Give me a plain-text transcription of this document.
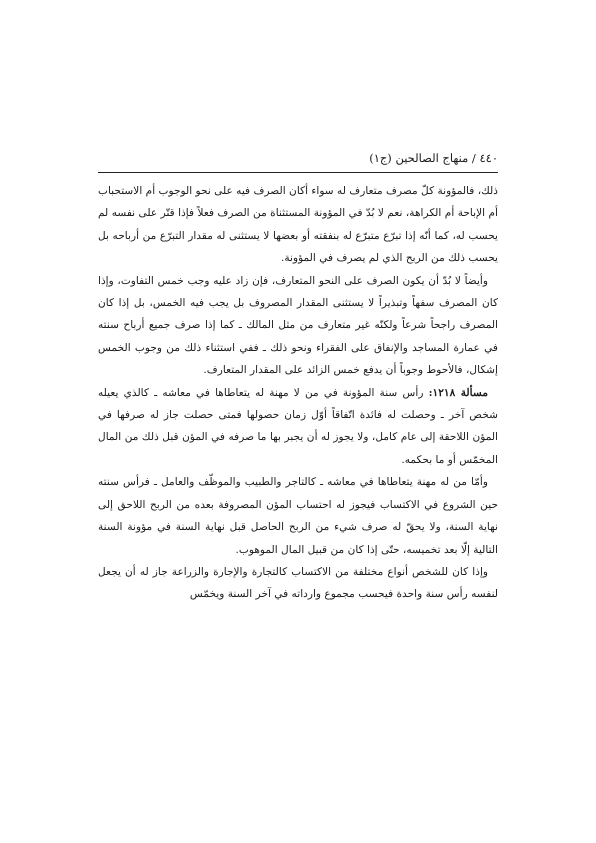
٤٤٠ / منهاج الصالحين (ج١)

ذلك، فالمؤونة كلّ مصرف متعارف له سواء أكان الصرف فيه على نحو الوجوب أم الاستحباب أم الإباحة أم الكراهة، نعم لا بُدّ في المؤونة المستثناة من الصرف فعلاً فإذا قتّر على نفسه لم يحسب له، كما أنّه إذا تبرّع متبرّع له بنفقته أو بعضها لا يستثنى له مقدار التبرّع من أرباحه بل يحسب ذلك من الربح الذي لم يصرف في المؤونة.

وأيضاً لا بُدّ أن يكون الصرف على النحو المتعارف، فإن زاد عليه وجب خمس التفاوت، وإذا كان المصرف سفهاً وتبذيراً لا يستثنى المقدار المصروف بل يجب فيه الخمس، بل إذا كان المصرف راجحاً شرعاً ولكنّه غير متعارف من مثل المالك ـ كما إذا صرف جميع أرباح سنته في عمارة المساجد والإنفاق على الفقراء ونحو ذلك ـ ففي استثناء ذلك من وجوب الخمس إشكال، فالأحوط وجوباً أن يدفع خمس الزائد على المقدار المتعارف.

مسألة ١٢١٨: رأس سنة المؤونة في من لا مهنة له يتعاطاها في معاشه ـ كالذي يعيله شخص آخر ـ وحصلت له فائدة اتّفاقاً أوّل زمان حصولها فمتى حصلت جاز له صرفها في المؤن اللاحقة إلى عام كامل، ولا يجوز له أن يجبر بها ما صرفه في المؤن قبل ذلك من المال المخمّس أو ما بحكمه.

وأمّا من له مهنة يتعاطاها في معاشه ـ كالتاجر والطبيب والموظّف والعامل ـ فرأس سنته حين الشروع في الاكتساب فيجوز له احتساب المؤن المصروفة بعده من الربح اللاحق إلى نهاية السنة، ولا يحقّ له صرف شيء من الربح الحاصل قبل نهاية السنة في مؤونة السنة التالية إلّا بعد تخميسه، حتّى إذا كان من قبيل المال الموهوب.

وإذا كان للشخص أنواع مختلفة من الاكتساب كالتجارة والإجارة والزراعة جاز له أن يجعل لنفسه رأس سنة واحدة فيحسب مجموع وارداته في آخر السنة ويخمّس
